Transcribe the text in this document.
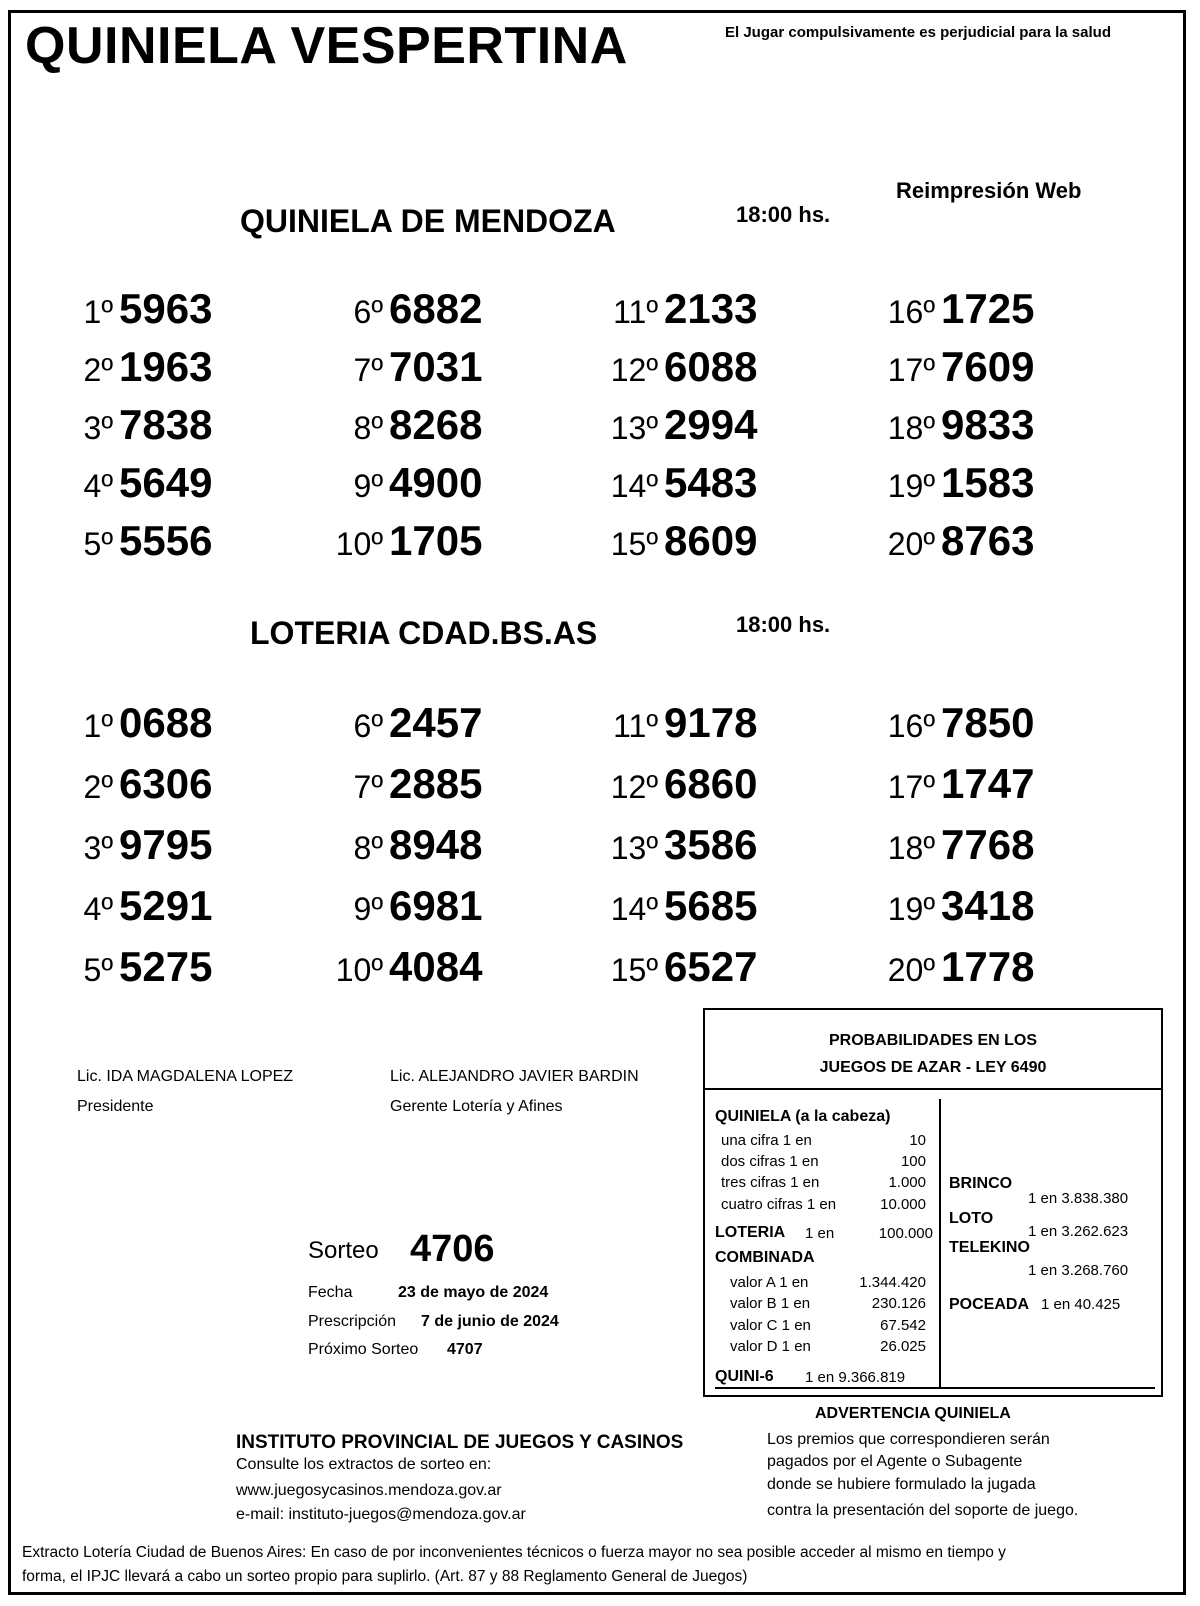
QUINIELA VESPERTINA	El Jugar compulsivamente es perjudicial para la salud
Reimpresión Web
QUINIELA DE MENDOZA	18:00 hs.
1º 5963
2º 1963
3º 7838
4º 5649
5º 5556
6º 6882
7º 7031
8º 8268
9º 4900
10º 1705
11º 2133
12º 6088
13º 2994
14º 5483
15º 8609
16º 1725
17º 7609
18º 9833
19º 1583
20º 8763
LOTERIA CDAD.BS.AS	18:00 hs.
1º 0688
2º 6306
3º 9795
4º 5291
5º 5275
6º 2457
7º 2885
8º 8948
9º 6981
10º 4084
11º 9178
12º 6860
13º 3586
14º 5685
15º 6527
16º 7850
17º 1747
18º 7768
19º 3418
20º 1778
Lic. IDA MAGDALENA LOPEZ
Presidente
Lic. ALEJANDRO JAVIER BARDIN
Gerente Lotería y Afines
PROBABILIDADES EN LOS
JUEGOS DE AZAR - LEY 6490
QUINIELA (a la cabeza)
una cifra 1 en	10
dos cifras 1 en	100
tres cifras 1 en	1.000
cuatro cifras 1 en	10.000
LOTERIA 1 en	100.000
COMBINADA
valor A 1 en	1.344.420
valor B 1 en	230.126
valor C 1 en	67.542
valor D 1 en	26.025
QUINI-6 1 en 9.366.819
BRINCO
1 en 3.838.380
LOTO
1 en 3.262.623
TELEKINO
1 en 3.268.760
POCEADA 1 en 40.425
Sorteo 4706
Fecha	23 de mayo de 2024
Prescripción 7 de junio de 2024
Próximo Sorteo 4707
INSTITUTO PROVINCIAL DE JUEGOS Y CASINOS
Consulte los extractos de sorteo en:
www.juegosycasinos.mendoza.gov.ar
e-mail: instituto-juegos@mendoza.gov.ar
ADVERTENCIA QUINIELA
Los premios que correspondieren serán
pagados por el Agente o Subagente
donde se hubiere formulado la jugada
contra la presentación del soporte de juego.
Extracto Lotería Ciudad de Buenos Aires: En caso de por inconvenientes técnicos o fuerza mayor no sea posible acceder al mismo en tiempo y
forma, el IPJC llevará a cabo un sorteo propio para suplirlo. (Art. 87 y 88 Reglamento General de Juegos)
